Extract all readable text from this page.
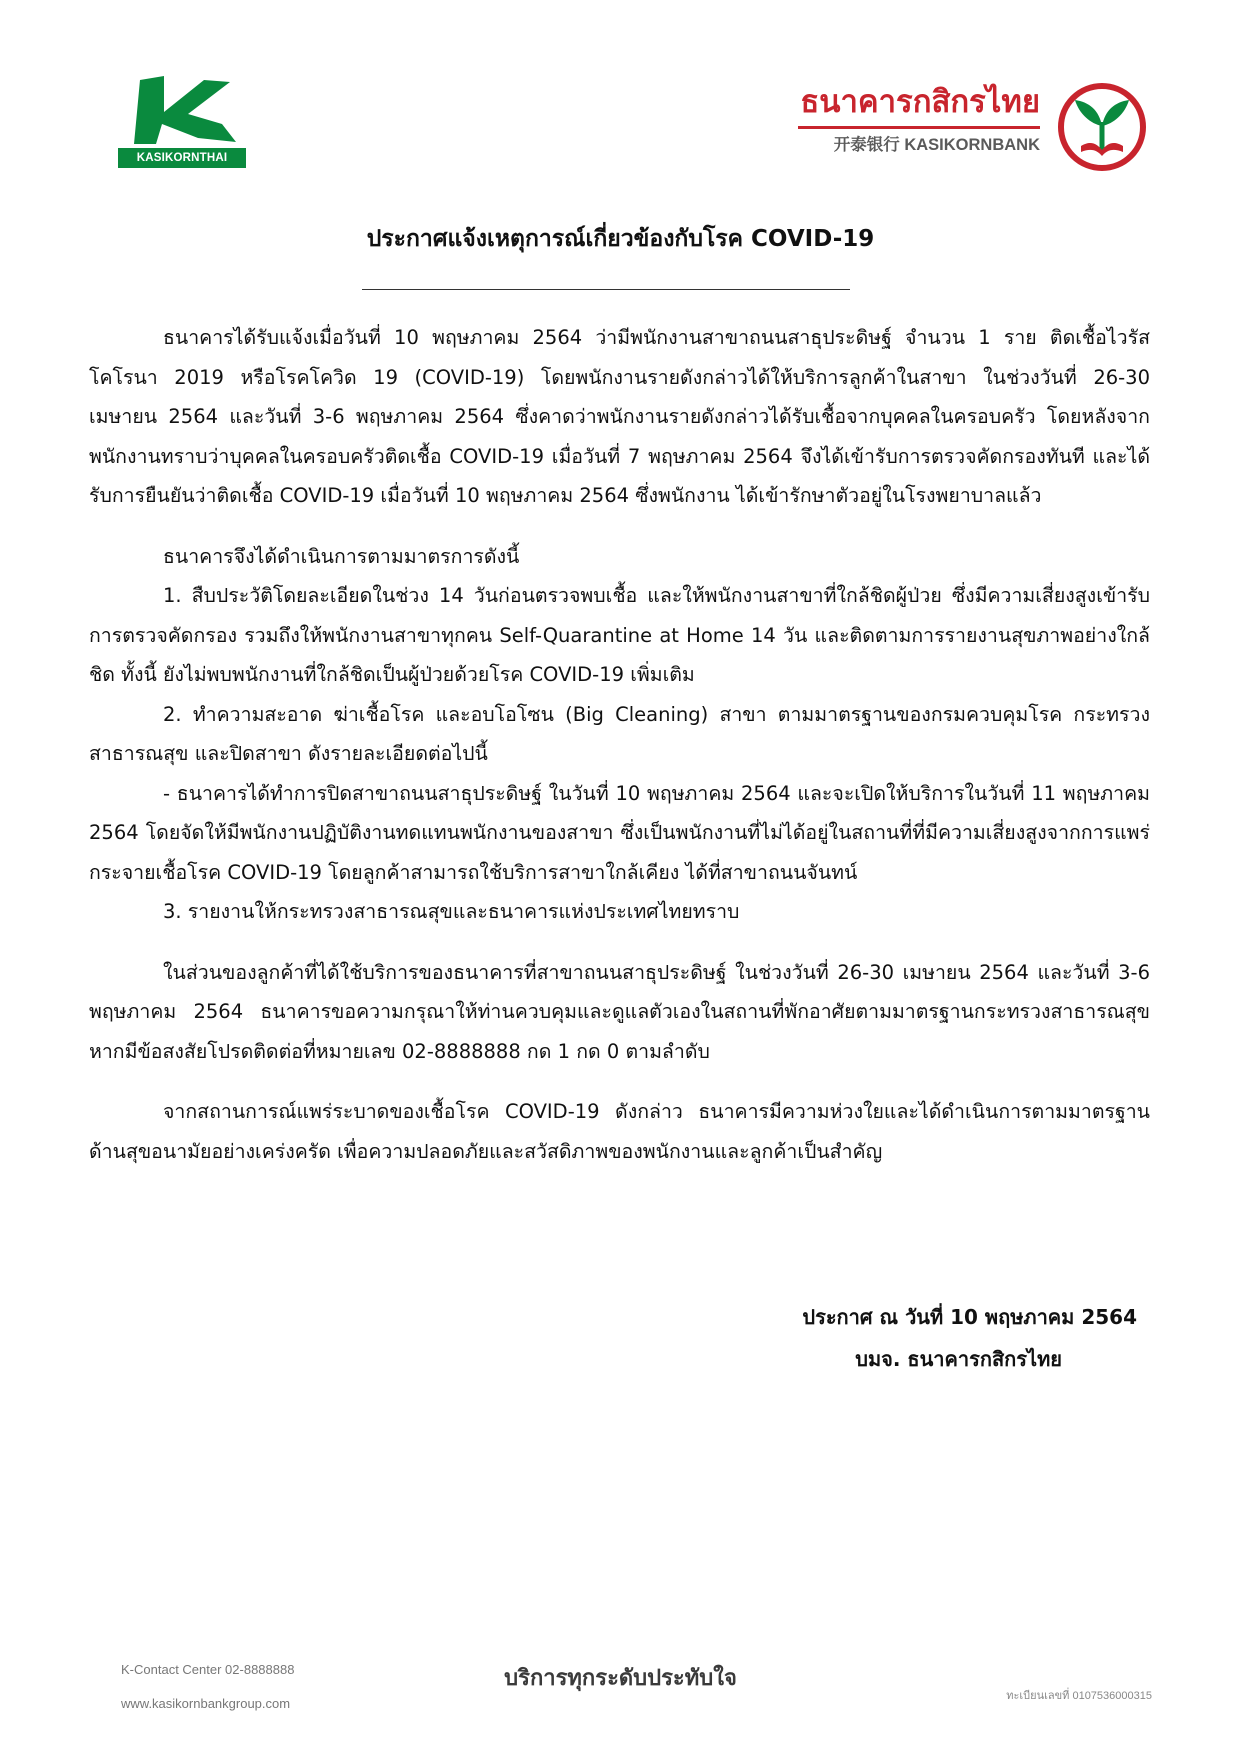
KASIKORNTHAI
ธนาคารกสิกรไทย
开泰银行 KASIKORNBANK
ประกาศแจ้งเหตุการณ์เกี่ยวข้องกับโรค COVID-19

ธนาคารได้รับแจ้งเมื่อวันที่ 10 พฤษภาคม 2564 ว่ามีพนักงานสาขาถนนสาธุประดิษฐ์ จำนวน 1 ราย ติดเชื้อไวรัสโคโรนา 2019 หรือโรคโควิด 19 (COVID-19) โดยพนักงานรายดังกล่าวได้ให้บริการลูกค้าในสาขา ในช่วงวันที่ 26-30 เมษายน 2564 และวันที่ 3-6 พฤษภาคม 2564 ซึ่งคาดว่าพนักงานรายดังกล่าวได้รับเชื้อจากบุคคลในครอบครัว โดยหลังจากพนักงานทราบว่าบุคคลในครอบครัวติดเชื้อ COVID-19 เมื่อวันที่ 7 พฤษภาคม 2564 จึงได้เข้ารับการตรวจคัดกรองทันที และได้รับการยืนยันว่าติดเชื้อ COVID-19 เมื่อวันที่ 10 พฤษภาคม 2564 ซึ่งพนักงาน ได้เข้ารักษาตัวอยู่ในโรงพยาบาลแล้ว

ธนาคารจึงได้ดำเนินการตามมาตรการดังนี้

1. สืบประวัติโดยละเอียดในช่วง 14 วันก่อนตรวจพบเชื้อ และให้พนักงานสาขาที่ใกล้ชิดผู้ป่วย ซึ่งมีความเสี่ยงสูงเข้ารับการตรวจคัดกรอง รวมถึงให้พนักงานสาขาทุกคน Self-Quarantine at Home 14 วัน และติดตามการรายงานสุขภาพอย่างใกล้ชิด ทั้งนี้ ยังไม่พบพนักงานที่ใกล้ชิดเป็นผู้ป่วยด้วยโรค COVID-19 เพิ่มเติม

2. ทำความสะอาด ฆ่าเชื้อโรค และอบโอโซน (Big Cleaning) สาขา ตามมาตรฐานของกรมควบคุมโรค กระทรวงสาธารณสุข และปิดสาขา ดังรายละเอียดต่อไปนี้

- ธนาคารได้ทำการปิดสาขาถนนสาธุประดิษฐ์ ในวันที่ 10 พฤษภาคม 2564 และจะเปิดให้บริการในวันที่ 11 พฤษภาคม 2564 โดยจัดให้มีพนักงานปฏิบัติงานทดแทนพนักงานของสาขา ซึ่งเป็นพนักงานที่ไม่ได้อยู่ในสถานที่ที่มีความเสี่ยงสูงจากการแพร่กระจายเชื้อโรค COVID-19 โดยลูกค้าสามารถใช้บริการสาขาใกล้เคียง ได้ที่สาขาถนนจันทน์

3. รายงานให้กระทรวงสาธารณสุขและธนาคารแห่งประเทศไทยทราบ

ในส่วนของลูกค้าที่ได้ใช้บริการของธนาคารที่สาขาถนนสาธุประดิษฐ์ ในช่วงวันที่ 26-30 เมษายน 2564 และวันที่ 3-6 พฤษภาคม 2564 ธนาคารขอความกรุณาให้ท่านควบคุมและดูแลตัวเองในสถานที่พักอาศัยตามมาตรฐานกระทรวงสาธารณสุข หากมีข้อสงสัยโปรดติดต่อที่หมายเลข 02-8888888 กด 1 กด 0 ตามลำดับ

จากสถานการณ์แพร่ระบาดของเชื้อโรค COVID-19 ดังกล่าว ธนาคารมีความห่วงใยและได้ดำเนินการตามมาตรฐานด้านสุขอนามัยอย่างเคร่งครัด เพื่อความปลอดภัยและสวัสดิภาพของพนักงานและลูกค้าเป็นสำคัญ

ประกาศ ณ วันที่ 10 พฤษภาคม 2564
บมจ. ธนาคารกสิกรไทย
K-Contact Center 02-8888888
www.kasikornbankgroup.com
บริการทุกระดับประทับใจ
ทะเบียนเลขที่ 0107536000315
